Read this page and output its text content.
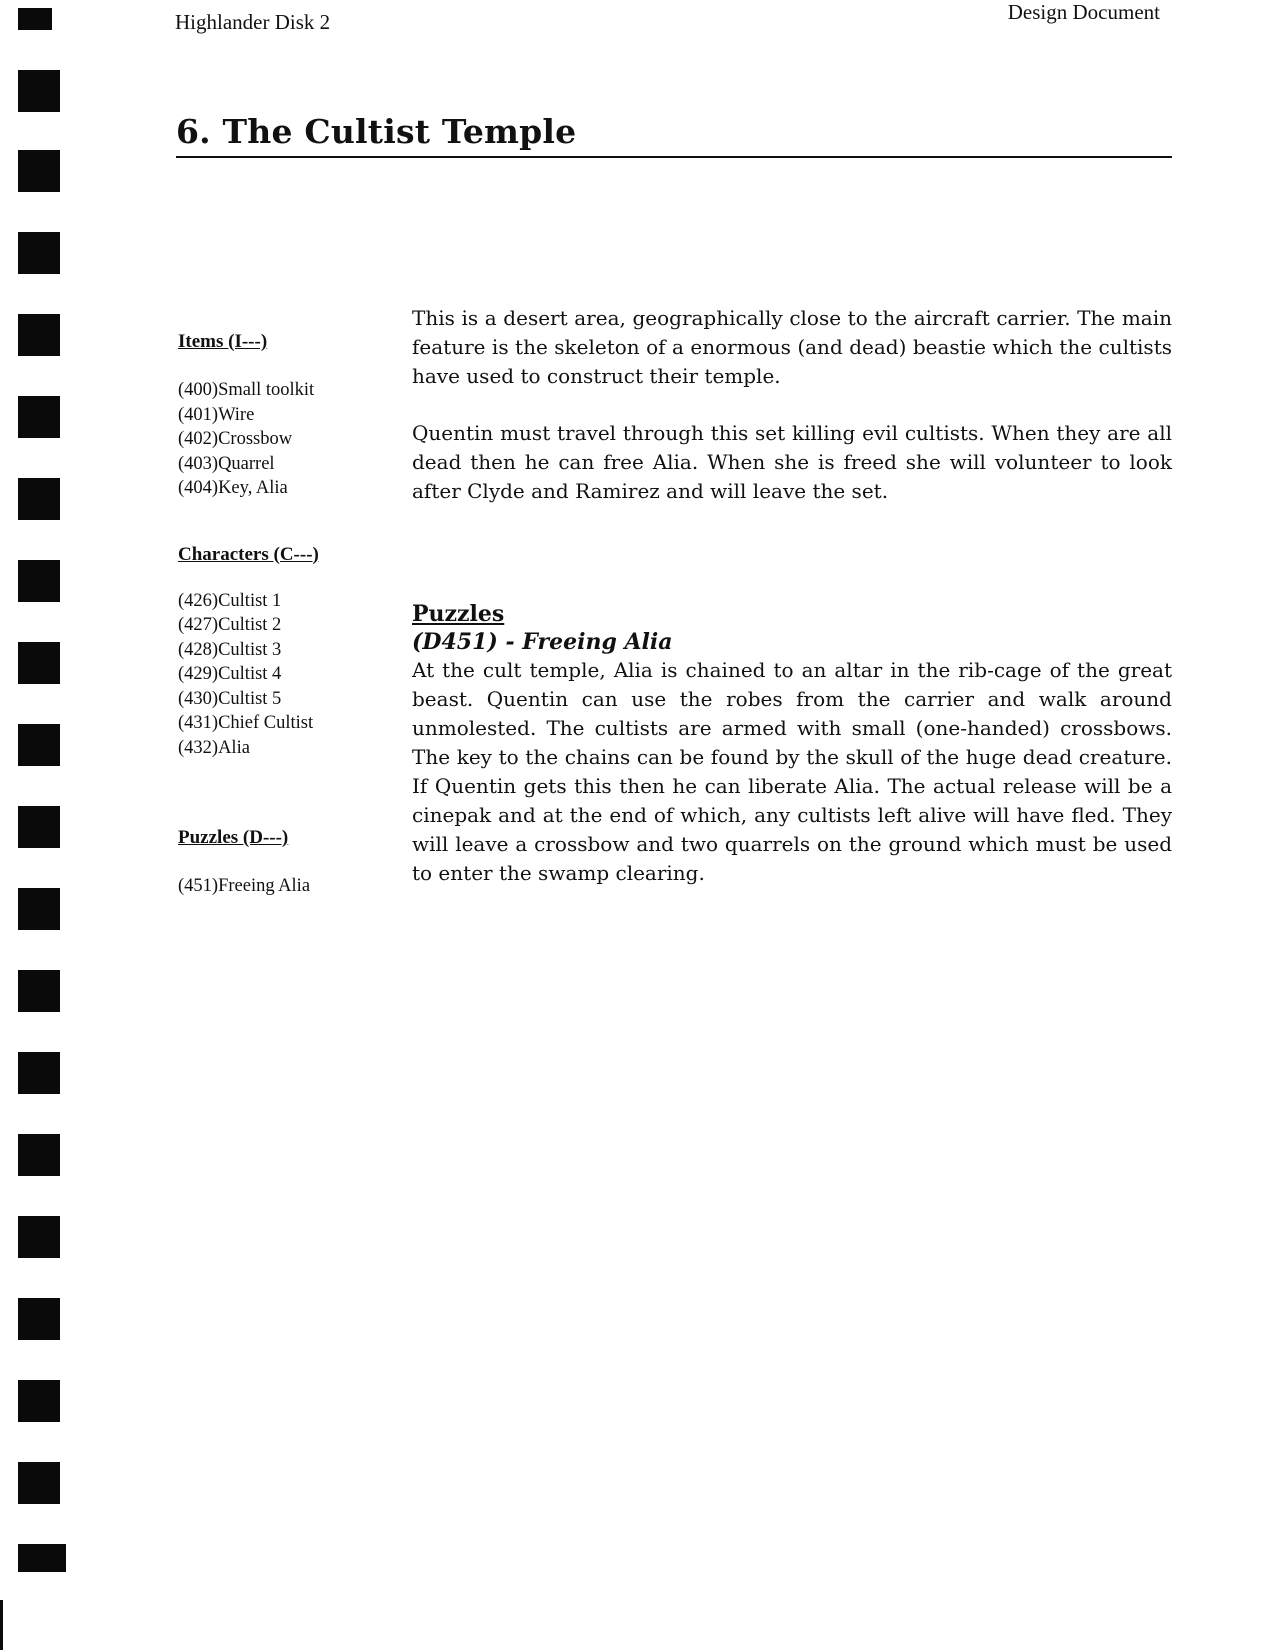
Highlander Disk 2	Design Document
6. The Cultist Temple

Items (I---)

(400)Small toolkit
(401)Wire
(402)Crossbow
(403)Quarrel
(404)Key, Alia

Characters (C---)

(426)Cultist 1
(427)Cultist 2
(428)Cultist 3
(429)Cultist 4
(430)Cultist 5
(431)Chief Cultist
(432)Alia

Puzzles (D---)

(451)Freeing Alia

This is a desert area, geographically close to the aircraft carrier. The main feature is the skeleton of a enormous (and dead) beastie which the cultists have used to construct their temple.

Quentin must travel through this set killing evil cultists. When they are all dead then he can free Alia. When she is freed she will volunteer to look after Clyde and Ramirez and will leave the set.

Puzzles

(D451) - Freeing Alia

At the cult temple, Alia is chained to an altar in the rib-cage of the great beast. Quentin can use the robes from the carrier and walk around unmolested. The cultists are armed with small (one-handed) crossbows. The key to the chains can be found by the skull of the huge dead creature. If Quentin gets this then he can liberate Alia. The actual release will be a cinepak and at the end of which, any cultists left alive will have fled. They will leave a crossbow and two quarrels on the ground which must be used to enter the swamp clearing.
